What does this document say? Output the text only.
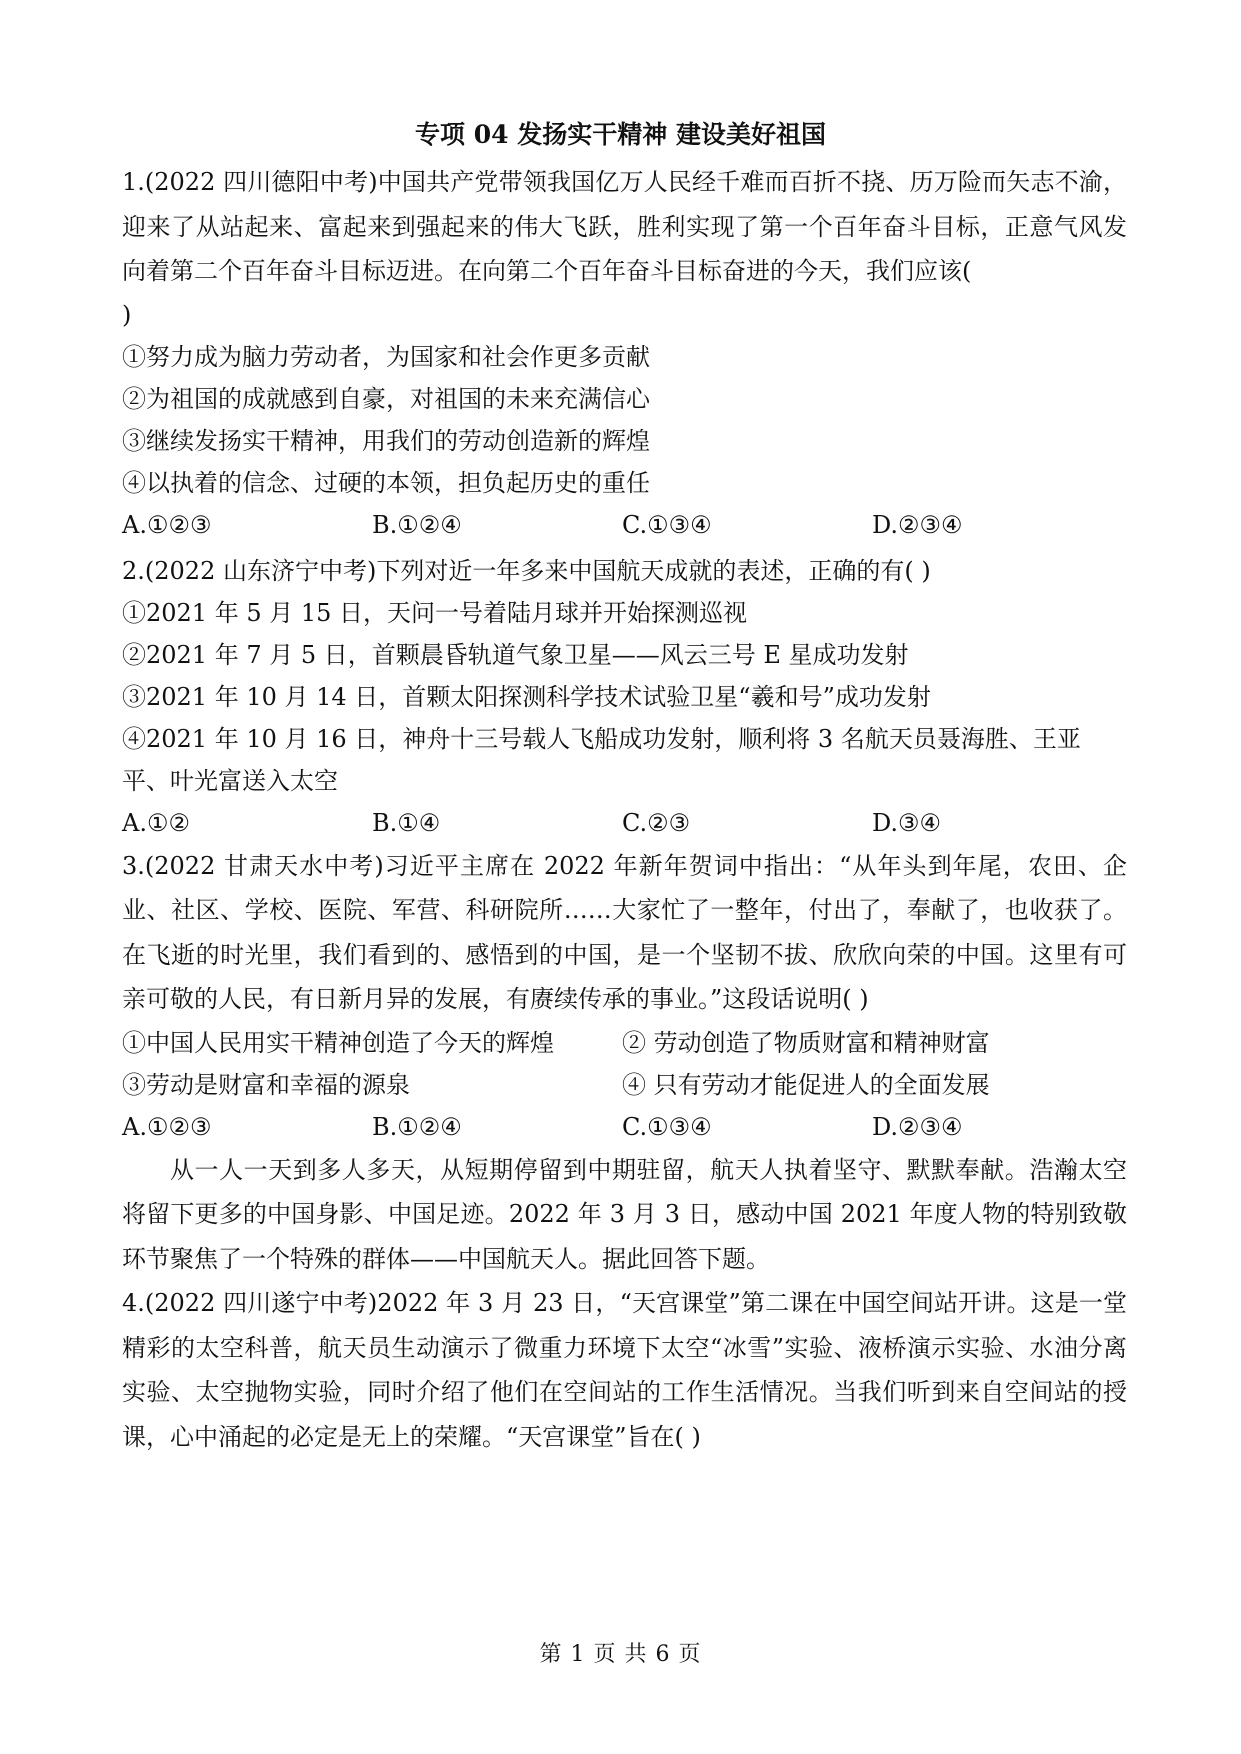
专项 04 发扬实干精神 建设美好祖国

1.(2022 四川德阳中考)中国共产党带领我国亿万人民经千难而百折不挠、历万险而矢志不渝，迎来了从站起来、富起来到强起来的伟大飞跃，胜利实现了第一个百年奋斗目标，正意气风发向着第二个百年奋斗目标迈进。在向第二个百年奋斗目标奋进的今天，我们应该(

)

①努力成为脑力劳动者，为国家和社会作更多贡献

②为祖国的成就感到自豪，对祖国的未来充满信心

③继续发扬实干精神，用我们的劳动创造新的辉煌

④以执着的信念、过硬的本领，担负起历史的重任

A.①②③	B.①②④	C.①③④	D.②③④

2.(2022 山东济宁中考)下列对近一年多来中国航天成就的表述，正确的有( )

①2021 年 5 月 15 日，天问一号着陆月球并开始探测巡视

②2021 年 7 月 5 日，首颗晨昏轨道气象卫星——风云三号 E 星成功发射

③2021 年 10 月 14 日，首颗太阳探测科学技术试验卫星“羲和号”成功发射

④2021 年 10 月 16 日，神舟十三号载人飞船成功发射，顺利将 3 名航天员聂海胜、王亚平、叶光富送入太空

A.①②	B.①④	C.②③	D.③④

3.(2022 甘肃天水中考)习近平主席在 2022 年新年贺词中指出：“从年头到年尾，农田、企业、社区、学校、医院、军营、科研院所……大家忙了一整年，付出了，奉献了，也收获了。在飞逝的时光里，我们看到的、感悟到的中国，是一个坚韧不拔、欣欣向荣的中国。这里有可亲可敬的人民，有日新月异的发展，有赓续传承的事业。”这段话说明( )

①中国人民用实干精神创造了今天的辉煌	② 劳动创造了物质财富和精神财富
③劳动是财富和幸福的源泉	④ 只有劳动才能促进人的全面发展
A.①②③	B.①②④	C.①③④	D.②③④

从一人一天到多人多天，从短期停留到中期驻留，航天人执着坚守、默默奉献。浩瀚太空将留下更多的中国身影、中国足迹。2022 年 3 月 3 日，感动中国 2021 年度人物的特别致敬环节聚焦了一个特殊的群体——中国航天人。据此回答下题。

4.(2022 四川遂宁中考)2022 年 3 月 23 日，“天宫课堂”第二课在中国空间站开讲。这是一堂精彩的太空科普，航天员生动演示了微重力环境下太空“冰雪”实验、液桥演示实验、水油分离实验、太空抛物实验，同时介绍了他们在空间站的工作生活情况。当我们听到来自空间站的授课，心中涌起的必定是无上的荣耀。“天宫课堂”旨在( )

第 1 页 共 6 页
